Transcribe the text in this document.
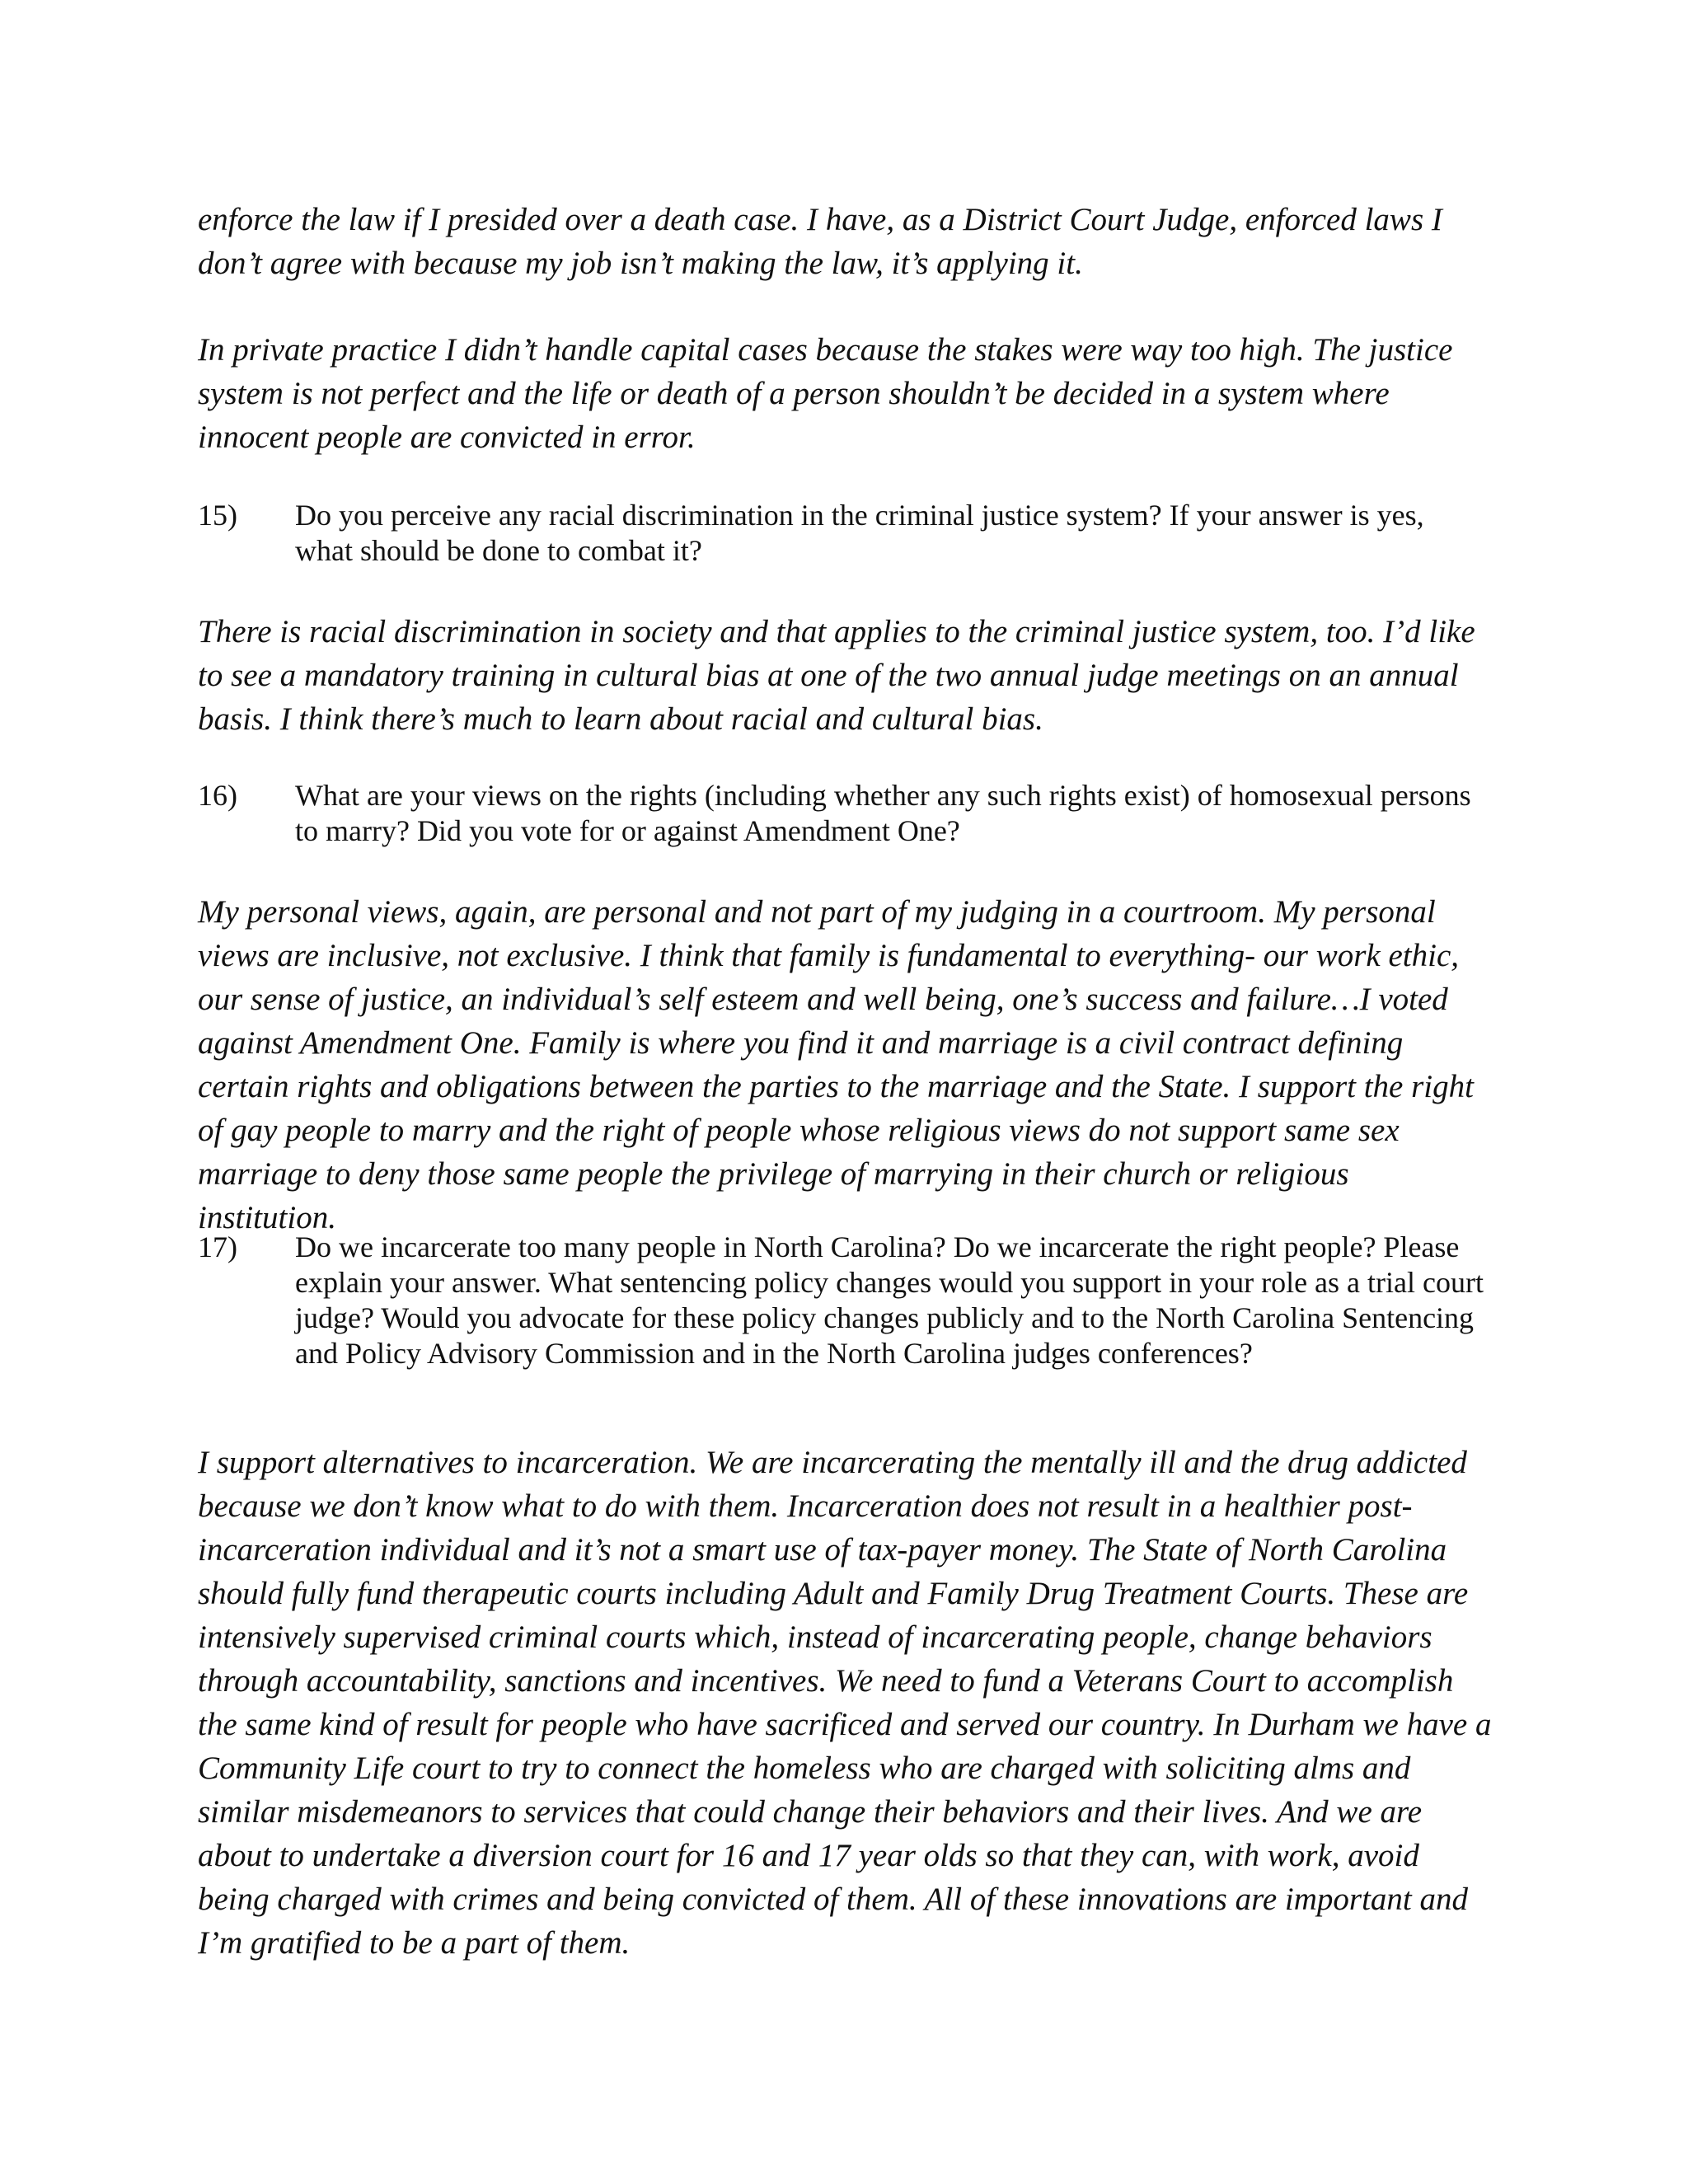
enforce the law if I presided over a death case. I have, as a District Court Judge, enforced laws I don’t agree with because my job isn’t making the law, it’s applying it.

In private practice I didn’t handle capital cases because the stakes were way too high. The justice system is not perfect and the life or death of a person shouldn’t be decided in a system where innocent people are convicted in error.

15) Do you perceive any racial discrimination in the criminal justice system? If your answer is yes, what should be done to combat it?

There is racial discrimination in society and that applies to the criminal justice system, too. I’d like to see a mandatory training in cultural bias at one of the two annual judge meetings on an annual basis. I think there’s much to learn about racial and cultural bias.

16) What are your views on the rights (including whether any such rights exist) of homosexual persons to marry? Did you vote for or against Amendment One?

My personal views, again, are personal and not part of my judging in a courtroom. My personal views are inclusive, not exclusive. I think that family is fundamental to everything- our work ethic, our sense of justice, an individual’s self esteem and well being, one’s success and failure…I voted against Amendment One. Family is where you find it and marriage is a civil contract defining certain rights and obligations between the parties to the marriage and the State. I support the right of gay people to marry and the right of people whose religious views do not support same sex marriage to deny those same people the privilege of marrying in their church or religious institution.

17) Do we incarcerate too many people in North Carolina? Do we incarcerate the right people? Please explain your answer. What sentencing policy changes would you support in your role as a trial court judge? Would you advocate for these policy changes publicly and to the North Carolina Sentencing and Policy Advisory Commission and in the North Carolina judges conferences?

I support alternatives to incarceration. We are incarcerating the mentally ill and the drug addicted because we don’t know what to do with them. Incarceration does not result in a healthier post-incarceration individual and it’s not a smart use of tax-payer money. The State of North Carolina should fully fund therapeutic courts including Adult and Family Drug Treatment Courts. These are intensively supervised criminal courts which, instead of incarcerating people, change behaviors through accountability, sanctions and incentives. We need to fund a Veterans Court to accomplish the same kind of result for people who have sacrificed and served our country. In Durham we have a Community Life court to try to connect the homeless who are charged with soliciting alms and similar misdemeanors to services that could change their behaviors and their lives. And we are about to undertake a diversion court for 16 and 17 year olds so that they can, with work, avoid being charged with crimes and being convicted of them. All of these innovations are important and I’m gratified to be a part of them.
